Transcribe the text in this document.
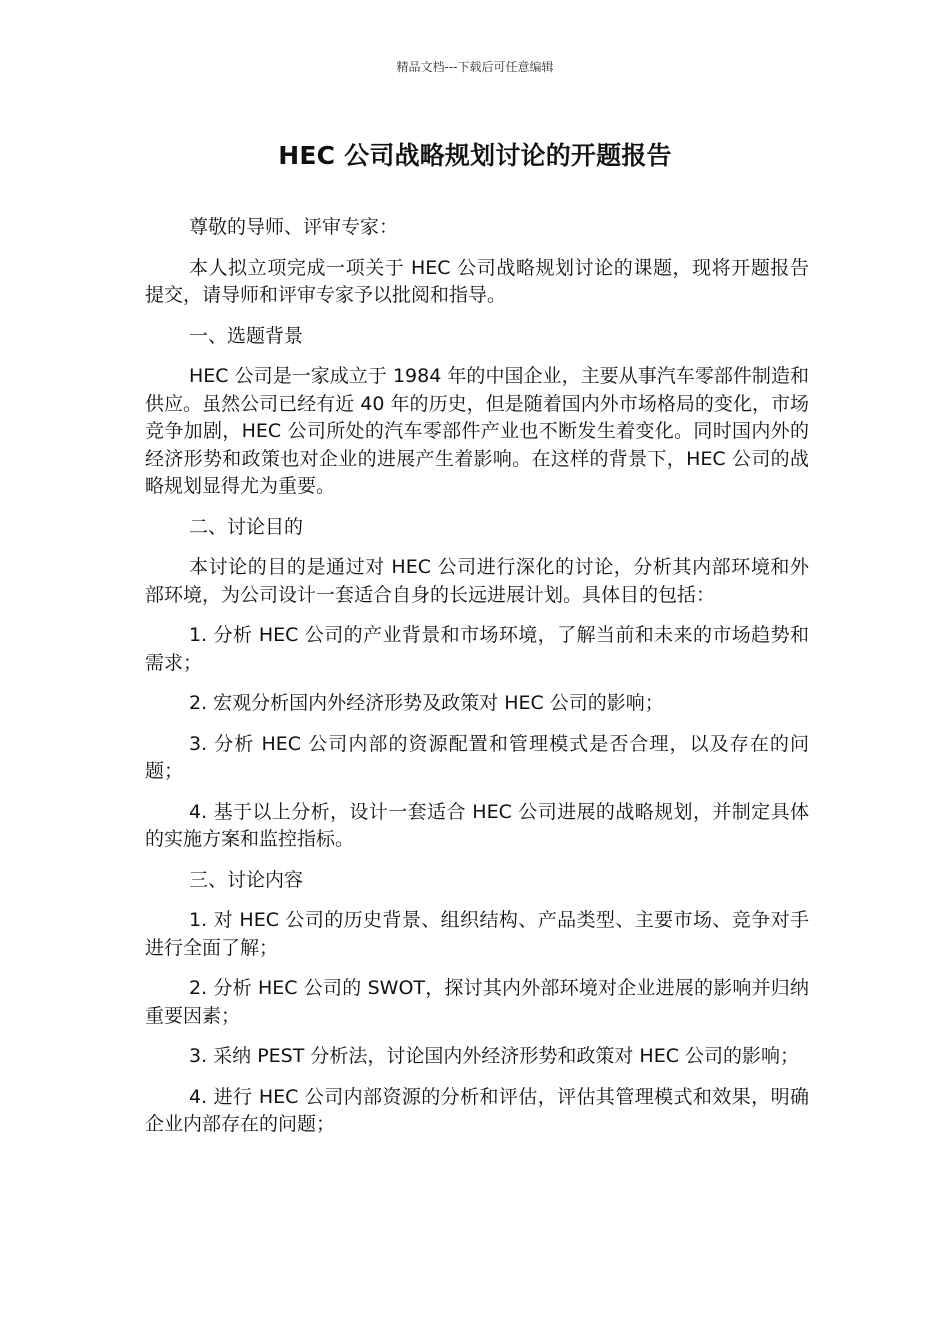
精品文档---下载后可任意编辑
HEC 公司战略规划讨论的开题报告

尊敬的导师、评审专家：

本人拟立项完成一项关于 HEC 公司战略规划讨论的课题，现将开题报告提交，请导师和评审专家予以批阅和指导。

一、选题背景

HEC 公司是一家成立于 1984 年的中国企业，主要从事汽车零部件制造和供应。虽然公司已经有近 40 年的历史，但是随着国内外市场格局的变化，市场竞争加剧，HEC 公司所处的汽车零部件产业也不断发生着变化。同时国内外的经济形势和政策也对企业的进展产生着影响。在这样的背景下，HEC 公司的战略规划显得尤为重要。

二、讨论目的

本讨论的目的是通过对 HEC 公司进行深化的讨论，分析其内部环境和外部环境，为公司设计一套适合自身的长远进展计划。具体目的包括：

1. 分析 HEC 公司的产业背景和市场环境，了解当前和未来的市场趋势和需求；

2. 宏观分析国内外经济形势及政策对 HEC 公司的影响；

3. 分析 HEC 公司内部的资源配置和管理模式是否合理，以及存在的问题；

4. 基于以上分析，设计一套适合 HEC 公司进展的战略规划，并制定具体的实施方案和监控指标。

三、讨论内容

1. 对 HEC 公司的历史背景、组织结构、产品类型、主要市场、竞争对手进行全面了解；

2. 分析 HEC 公司的 SWOT，探讨其内外部环境对企业进展的影响并归纳重要因素；

3. 采纳 PEST 分析法，讨论国内外经济形势和政策对 HEC 公司的影响；

4. 进行 HEC 公司内部资源的分析和评估，评估其管理模式和效果，明确企业内部存在的问题；
